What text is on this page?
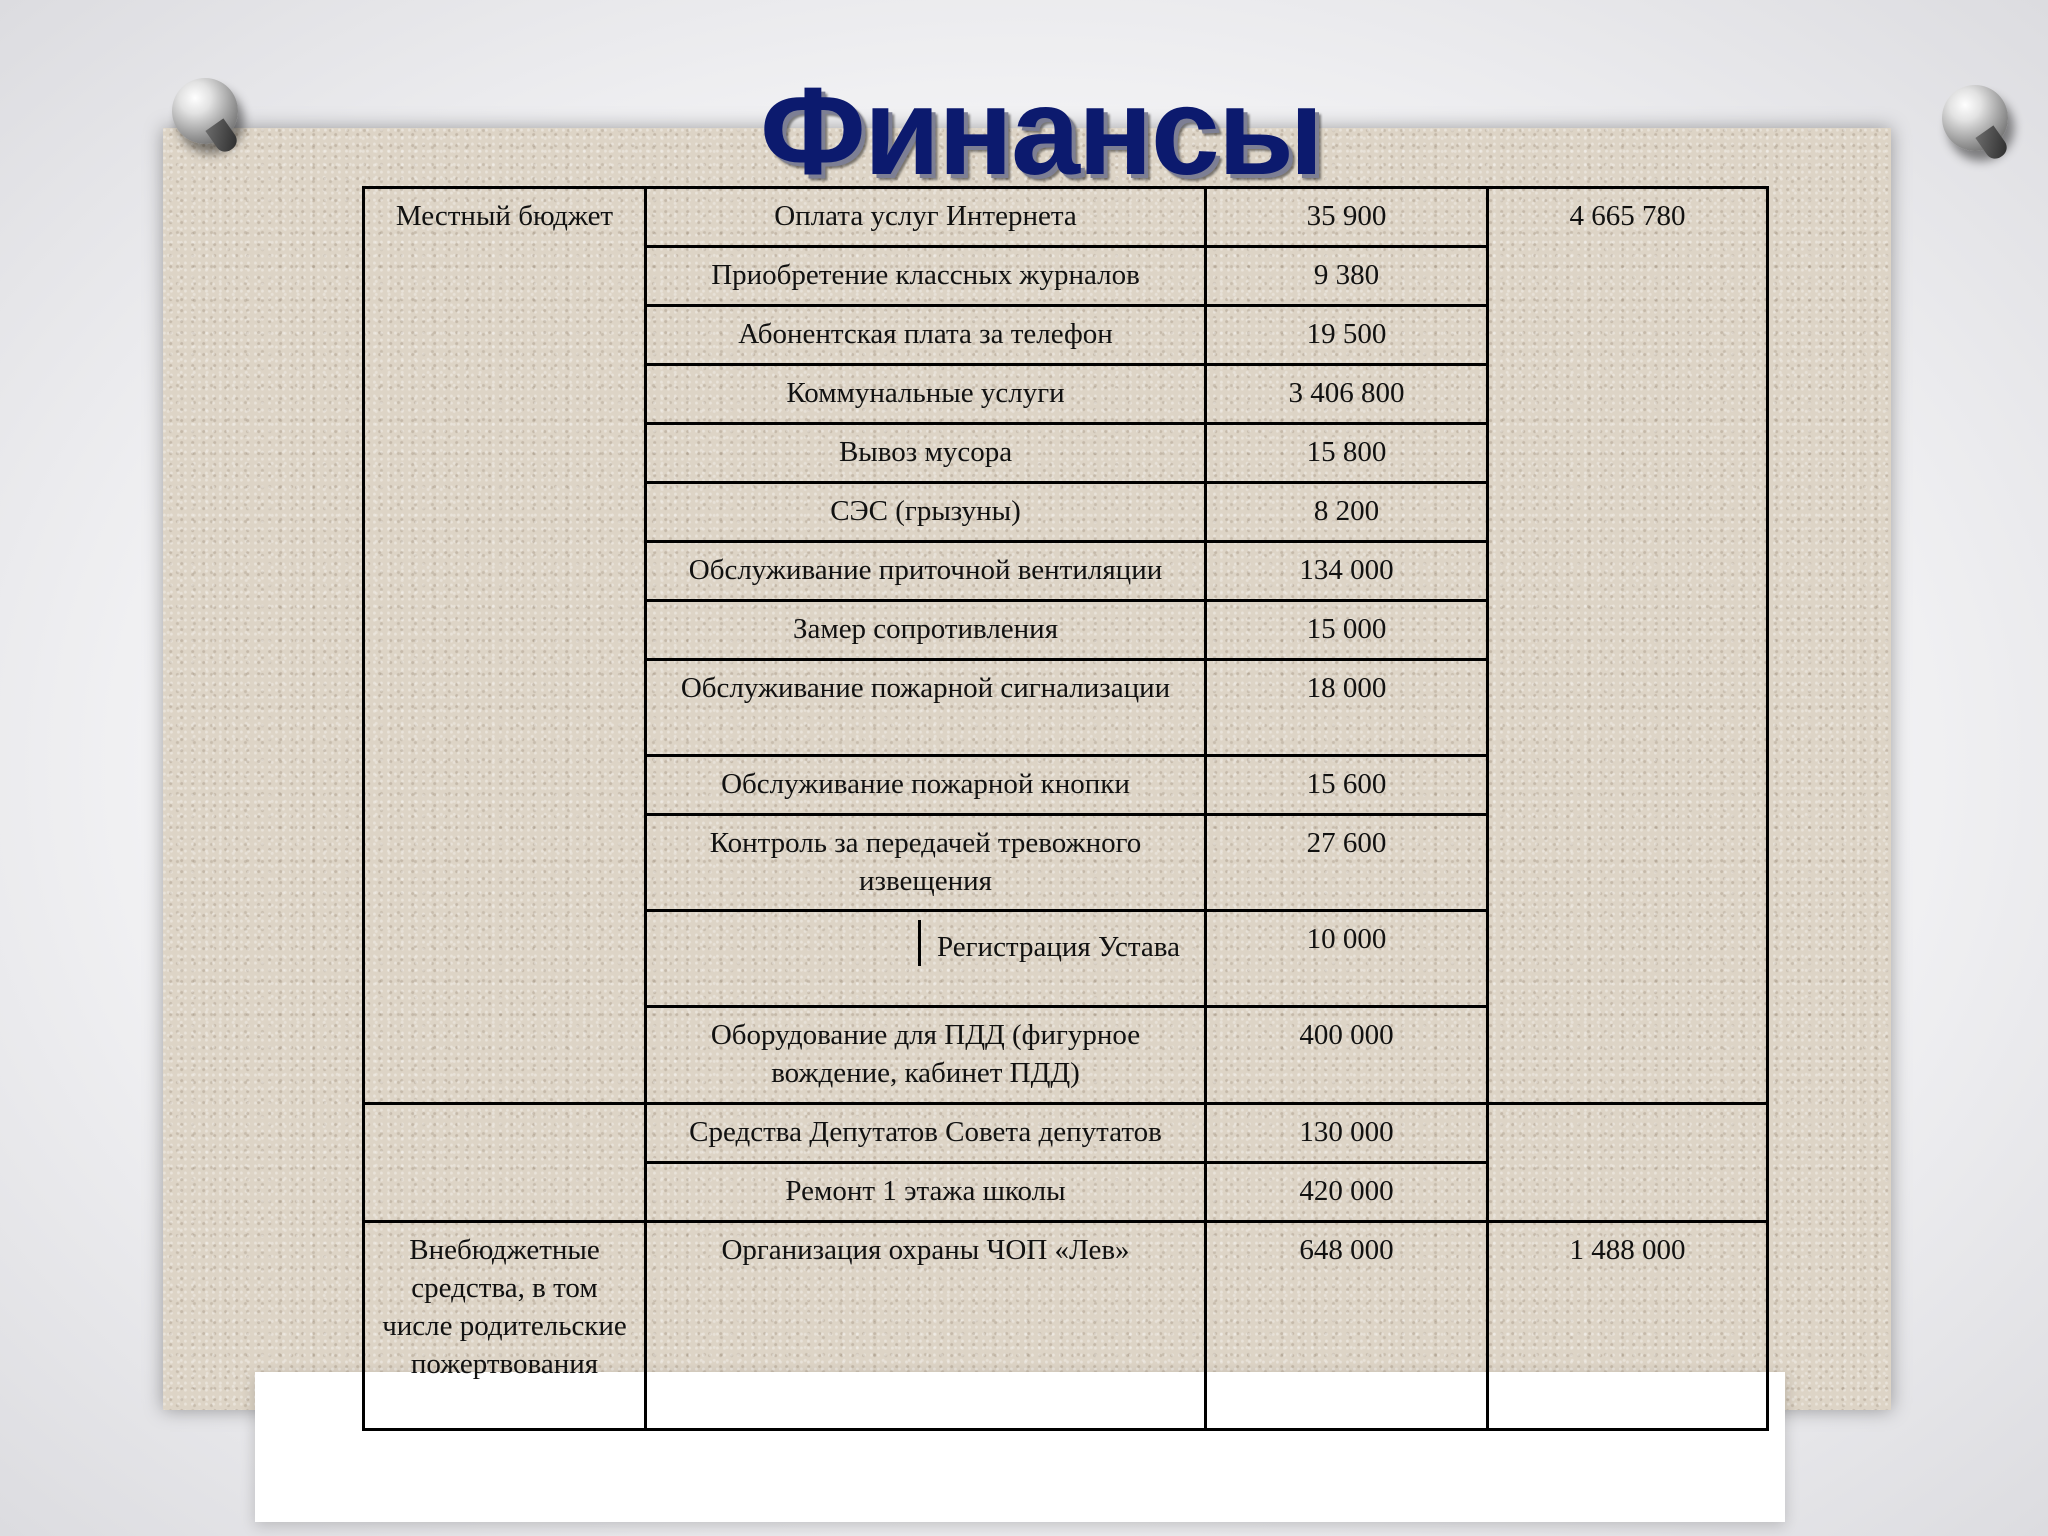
Финансы
Местный бюджет	Оплата услуг Интернета	35 900	4 665 780
	Приобретение классных журналов	9 380	
	Абонентская плата за телефон	19 500	
	Коммунальные услуги	3 406 800	
	Вывоз мусора	15 800	
	СЭС (грызуны)	8 200	
	Обслуживание приточной вентиляции	134 000	
	Замер сопротивления	15 000	
	Обслуживание пожарной сигнализации	18 000	
	Обслуживание пожарной кнопки	15 600	
	Контроль за передачей тревожного извещения	27 600	

	Регистрация Устава	10 000	
	Оборудование для ПДД (фигурное вождение, кабинет ПДД)	400 000	
	Средства Депутатов Совета депутатов	130 000	
	Ремонт 1 этажа школы	420 000	
Внебюджетные средства, в том числе родительские пожертвования	Организация охраны ЧОП «Лев»	648 000	1 488 000
